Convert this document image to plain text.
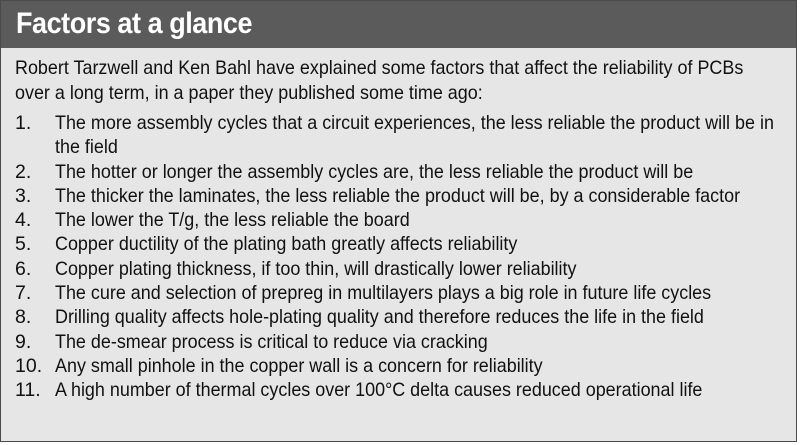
Factors at a glance

Robert Tarzwell and Ken Bahl have explained some factors that affect the reliability of PCBs over a long term, in a paper they published some time ago:

1.	The more assembly cycles that a circuit experiences, the less reliable the product will be in the field
2.	The hotter or longer the assembly cycles are, the less reliable the product will be
3.	The thicker the laminates, the less reliable the product will be, by a considerable factor
4.	The lower the T/g, the less reliable the board
5.	Copper ductility of the plating bath greatly affects reliability
6.	Copper plating thickness, if too thin, will drastically lower reliability
7.	The cure and selection of prepreg in multilayers plays a big role in future life cycles
8.	Drilling quality affects hole-plating quality and therefore reduces the life in the field
9.	The de-smear process is critical to reduce via cracking
10. Any small pinhole in the copper wall is a concern for reliability
11. A high number of thermal cycles over 100°C delta causes reduced operational life
